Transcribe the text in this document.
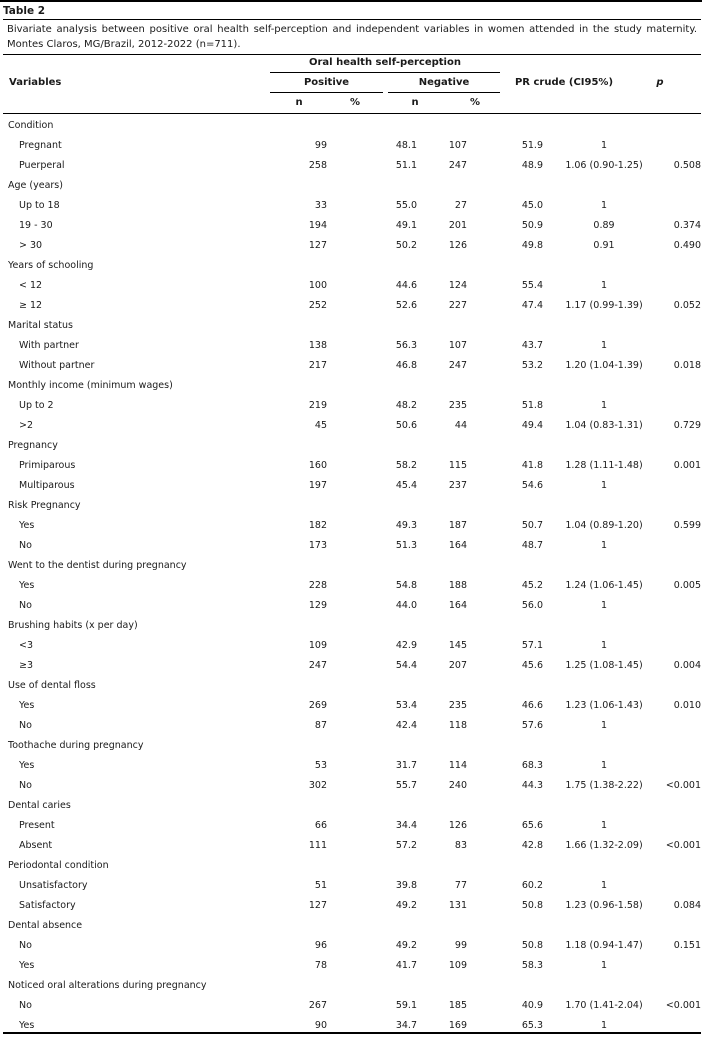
Table 2
Bivariate analysis between positive oral health self-perception and independent variables in women attended in the study maternity. Montes Claros, MG/Brazil, 2012-2022 (n=711).
Variables
Oral health self-perception
Positive	Negative	PR crude (CI95%)	p
n	%	n	%
Condition						
Pregnant	99	48.1	107	51.9	1	
Puerperal	258	51.1	247	48.9	1.06 (0.90-1.25)	0.508
Age (years)						
Up to 18	33	55.0	27	45.0	1	
19 - 30	194	49.1	201	50.9	0.89	0.374
> 30	127	50.2	126	49.8	0.91	0.490
Years of schooling						
< 12	100	44.6	124	55.4	1	
≥ 12	252	52.6	227	47.4	1.17 (0.99-1.39)	0.052
Marital status						
With partner	138	56.3	107	43.7	1	
Without partner	217	46.8	247	53.2	1.20 (1.04-1.39)	0.018
Monthly income (minimum wages)						
Up to 2	219	48.2	235	51.8	1	
>2	45	50.6	44	49.4	1.04 (0.83-1.31)	0.729
Pregnancy						
Primiparous	160	58.2	115	41.8	1.28 (1.11-1.48)	0.001
Multiparous	197	45.4	237	54.6	1	
Risk Pregnancy						
Yes	182	49.3	187	50.7	1.04 (0.89-1.20)	0.599
No	173	51.3	164	48.7	1	
Went to the dentist during pregnancy						
Yes	228	54.8	188	45.2	1.24 (1.06-1.45)	0.005
No	129	44.0	164	56.0	1	
Brushing habits (x per day)						
<3	109	42.9	145	57.1	1	
≥3	247	54.4	207	45.6	1.25 (1.08-1.45)	0.004
Use of dental floss						
Yes	269	53.4	235	46.6	1.23 (1.06-1.43)	0.010
No	87	42.4	118	57.6	1	
Toothache during pregnancy						
Yes	53	31.7	114	68.3	1	
No	302	55.7	240	44.3	1.75 (1.38-2.22)	<0.001
Dental caries						
Present	66	34.4	126	65.6	1	
Absent	111	57.2	83	42.8	1.66 (1.32-2.09)	<0.001
Periodontal condition						
Unsatisfactory	51	39.8	77	60.2	1	
Satisfactory	127	49.2	131	50.8	1.23 (0.96-1.58)	0.084
Dental absence						
No	96	49.2	99	50.8	1.18 (0.94-1.47)	0.151
Yes	78	41.7	109	58.3	1	
Noticed oral alterations during pregnancy						
No	267	59.1	185	40.9	1.70 (1.41-2.04)	<0.001
Yes	90	34.7	169	65.3	1	
